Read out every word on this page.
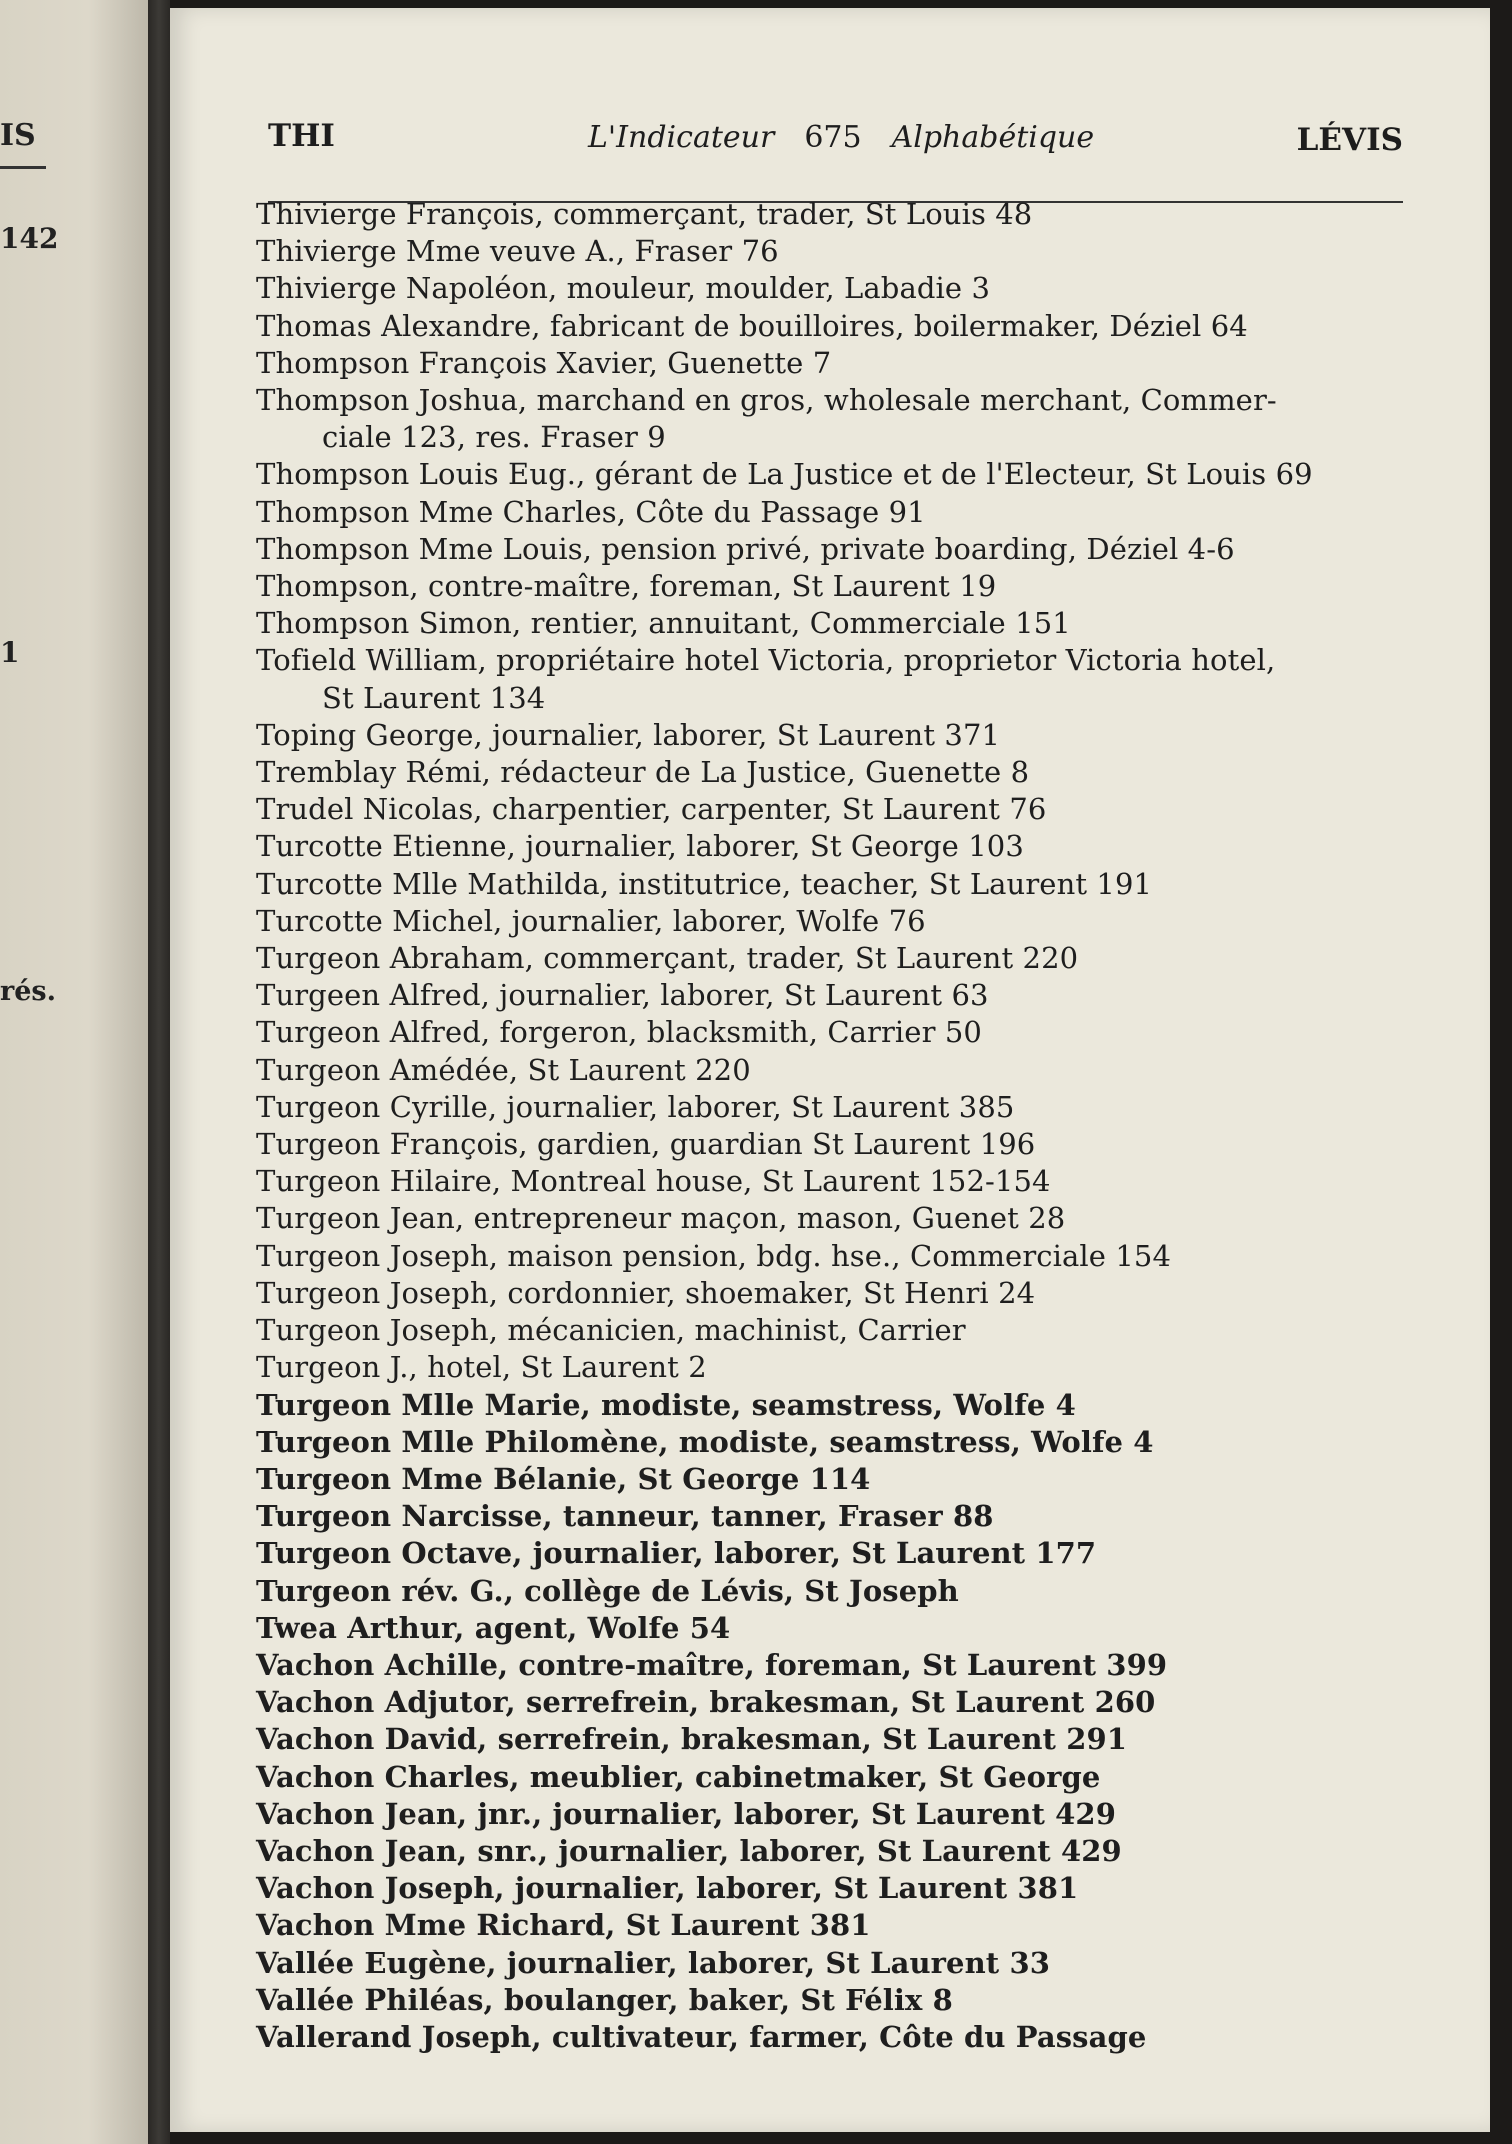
IS
142
1
rés.
THI	L'Indicateur 675 Alphabétique	LÉVIS
Thivierge François, commerçant, trader, St Louis 48
Thivierge Mme veuve A., Fraser 76
Thivierge Napoléon, mouleur, moulder, Labadie 3
Thomas Alexandre, fabricant de bouilloires, boilermaker, Déziel 64
Thompson François Xavier, Guenette 7
Thompson Joshua, marchand en gros, wholesale merchant, Commer-
ciale 123, res. Fraser 9
Thompson Louis Eug., gérant de La Justice et de l'Electeur, St Louis 69
Thompson Mme Charles, Côte du Passage 91
Thompson Mme Louis, pension privé, private boarding, Déziel 4-6
Thompson, contre-maître, foreman, St Laurent 19
Thompson Simon, rentier, annuitant, Commerciale 151
Tofield William, propriétaire hotel Victoria, proprietor Victoria hotel,
St Laurent 134
Toping George, journalier, laborer, St Laurent 371
Tremblay Rémi, rédacteur de La Justice, Guenette 8
Trudel Nicolas, charpentier, carpenter, St Laurent 76
Turcotte Etienne, journalier, laborer, St George 103
Turcotte Mlle Mathilda, institutrice, teacher, St Laurent 191
Turcotte Michel, journalier, laborer, Wolfe 76
Turgeon Abraham, commerçant, trader, St Laurent 220
Turgeen Alfred, journalier, laborer, St Laurent 63
Turgeon Alfred, forgeron, blacksmith, Carrier 50
Turgeon Amédée, St Laurent 220
Turgeon Cyrille, journalier, laborer, St Laurent 385
Turgeon François, gardien, guardian St Laurent 196
Turgeon Hilaire, Montreal house, St Laurent 152-154
Turgeon Jean, entrepreneur maçon, mason, Guenet 28
Turgeon Joseph, maison pension, bdg. hse., Commerciale 154
Turgeon Joseph, cordonnier, shoemaker, St Henri 24
Turgeon Joseph, mécanicien, machinist, Carrier
Turgeon J., hotel, St Laurent 2
Turgeon Mlle Marie, modiste, seamstress, Wolfe 4
Turgeon Mlle Philomène, modiste, seamstress, Wolfe 4
Turgeon Mme Bélanie, St George 114
Turgeon Narcisse, tanneur, tanner, Fraser 88
Turgeon Octave, journalier, laborer, St Laurent 177
Turgeon rév. G., collège de Lévis, St Joseph
Twea Arthur, agent, Wolfe 54
Vachon Achille, contre-maître, foreman, St Laurent 399
Vachon Adjutor, serrefrein, brakesman, St Laurent 260
Vachon David, serrefrein, brakesman, St Laurent 291
Vachon Charles, meublier, cabinetmaker, St George
Vachon Jean, jnr., journalier, laborer, St Laurent 429
Vachon Jean, snr., journalier, laborer, St Laurent 429
Vachon Joseph, journalier, laborer, St Laurent 381
Vachon Mme Richard, St Laurent 381
Vallée Eugène, journalier, laborer, St Laurent 33
Vallée Philéas, boulanger, baker, St Félix 8
Vallerand Joseph, cultivateur, farmer, Côte du Passage
